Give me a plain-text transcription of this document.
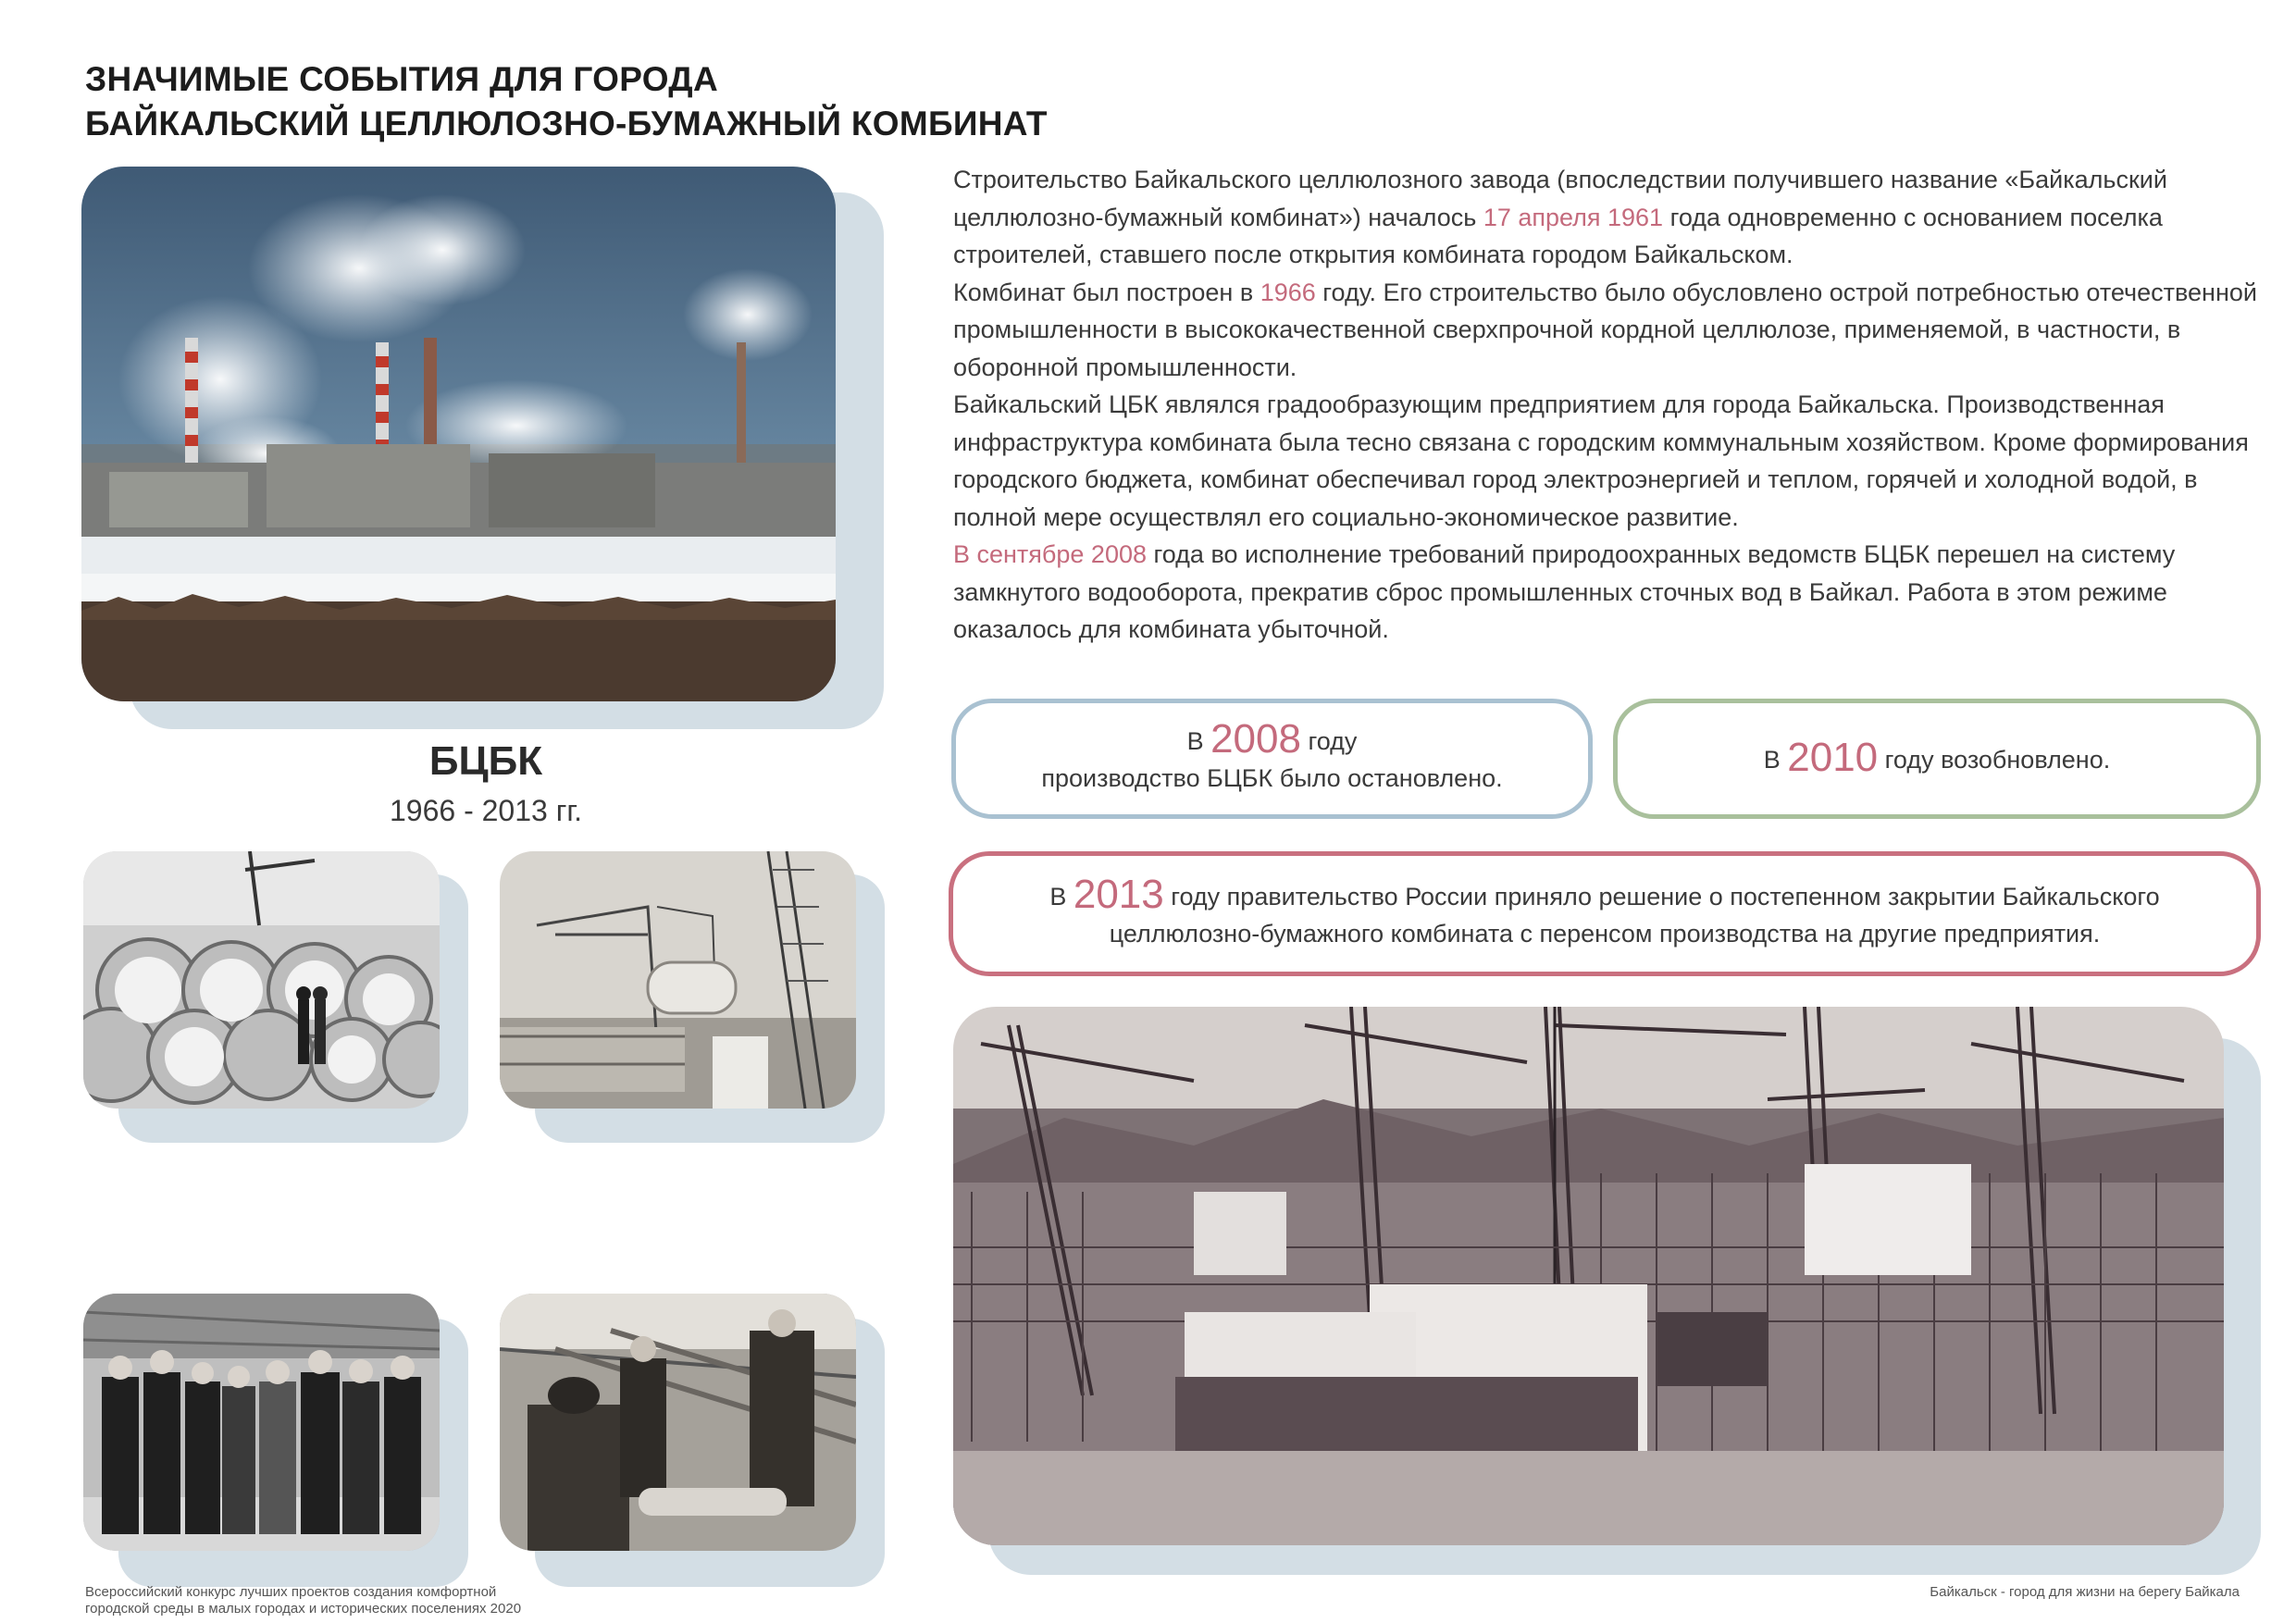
ЗНАЧИМЫЕ СОБЫТИЯ ДЛЯ ГОРОДА
БАЙКАЛЬСКИЙ ЦЕЛЛЮЛОЗНО-БУМАЖНЫЙ КОМБИНАТ
БЦБК
1966 - 2013 гг.

Строительство Байкальского целлюлозного завода (впоследствии получившего название «Байкальский целлюлозно-бумажный комбинат») началось 17 апреля 1961 года одновременно с основанием поселка строителей, ставшего после открытия комбината городом Байкальском.

Комбинат был построен в 1966 году. Его строительство было обусловлено острой потребностью отечественной промышленности в высококачественной сверхпрочной кордной целлюлозе, применяемой, в частности, в оборонной промышленности.

Байкальский ЦБК являлся градообразующим предприятием для города Байкальска. Производственная инфраструктура комбината была тесно связана с городским коммунальным хозяйством. Кроме формирования городского бюджета, комбинат обеспечивал город электроэнергией и теплом, горячей и холодной водой, в полной мере осуществлял его социально-экономическое развитие.

В сентябре 2008 года во исполнение требований природоохранных ведомств БЦБК перешел на систему замкнутого водооборота, прекратив сброс промышленных сточных вод в Байкал. Работа в этом режиме оказалось для комбината убыточной.

В 2008 году
производство БЦБК было остановлено.
В 2010 году возобновлено.
В 2013 году правительство России приняло решение о постепенном закрытии Байкальского
целлюлозно-бумажного комбината с перенсом производства на другие предприятия.
Всероссийский конкурс лучших проектов создания комфортной
городской среды в малых городах и исторических поселениях 2020
Байкальск - город для жизни на берегу Байкала
